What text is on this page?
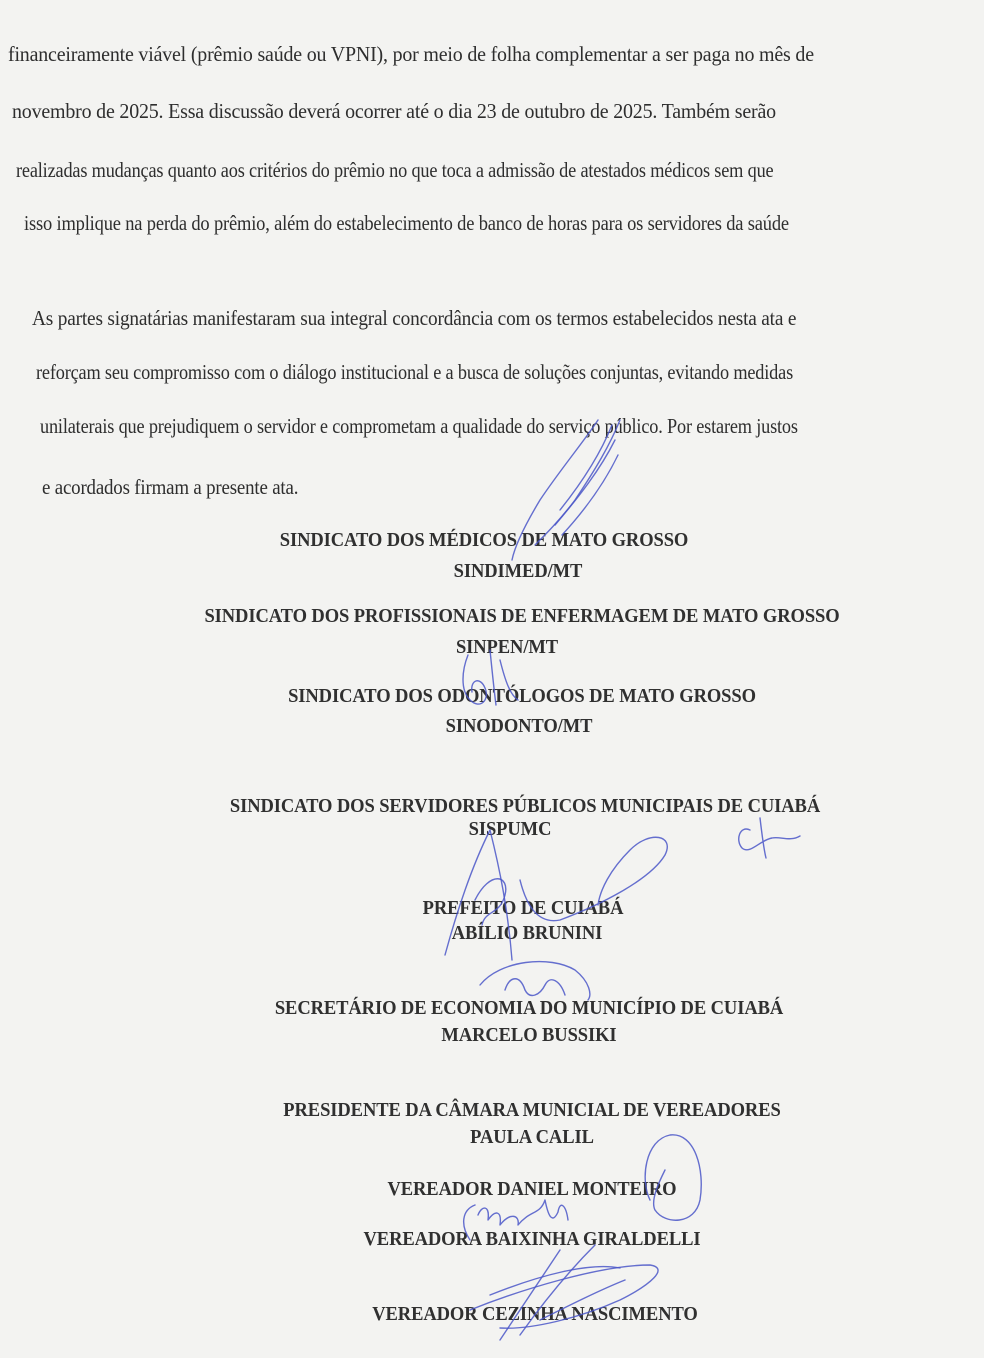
financeiramente viável (prêmio saúde ou VPNI), por meio de folha complementar a ser paga no mês de
novembro de 2025. Essa discussão deverá ocorrer até o dia 23 de outubro de 2025. Também serão
realizadas mudanças quanto aos critérios do prêmio no que toca a admissão de atestados médicos sem que
isso implique na perda do prêmio, além do estabelecimento de banco de horas para os servidores da saúde
As partes signatárias manifestaram sua integral concordância com os termos estabelecidos nesta ata e
reforçam seu compromisso com o diálogo institucional e a busca de soluções conjuntas, evitando medidas
unilaterais que prejudiquem o servidor e comprometam a qualidade do serviço público. Por estarem justos
e acordados firmam a presente ata.
SINDICATO DOS MÉDICOS DE MATO GROSSO
SINDIMED/MT
SINDICATO DOS PROFISSIONAIS DE ENFERMAGEM DE MATO GROSSO
SINPEN/MT
SINDICATO DOS ODONTÓLOGOS DE MATO GROSSO
SINODONTO/MT
SINDICATO DOS SERVIDORES PÚBLICOS MUNICIPAIS DE CUIABÁ
SISPUMC
PREFEITO DE CUIABÁ
ABÍLIO BRUNINI
SECRETÁRIO DE ECONOMIA DO MUNICÍPIO DE CUIABÁ
MARCELO BUSSIKI
PRESIDENTE DA CÂMARA MUNICIAL DE VEREADORES
PAULA CALIL
VEREADOR DANIEL MONTEIRO
VEREADORA BAIXINHA GIRALDELLI
VEREADOR CEZINHA NASCIMENTO
